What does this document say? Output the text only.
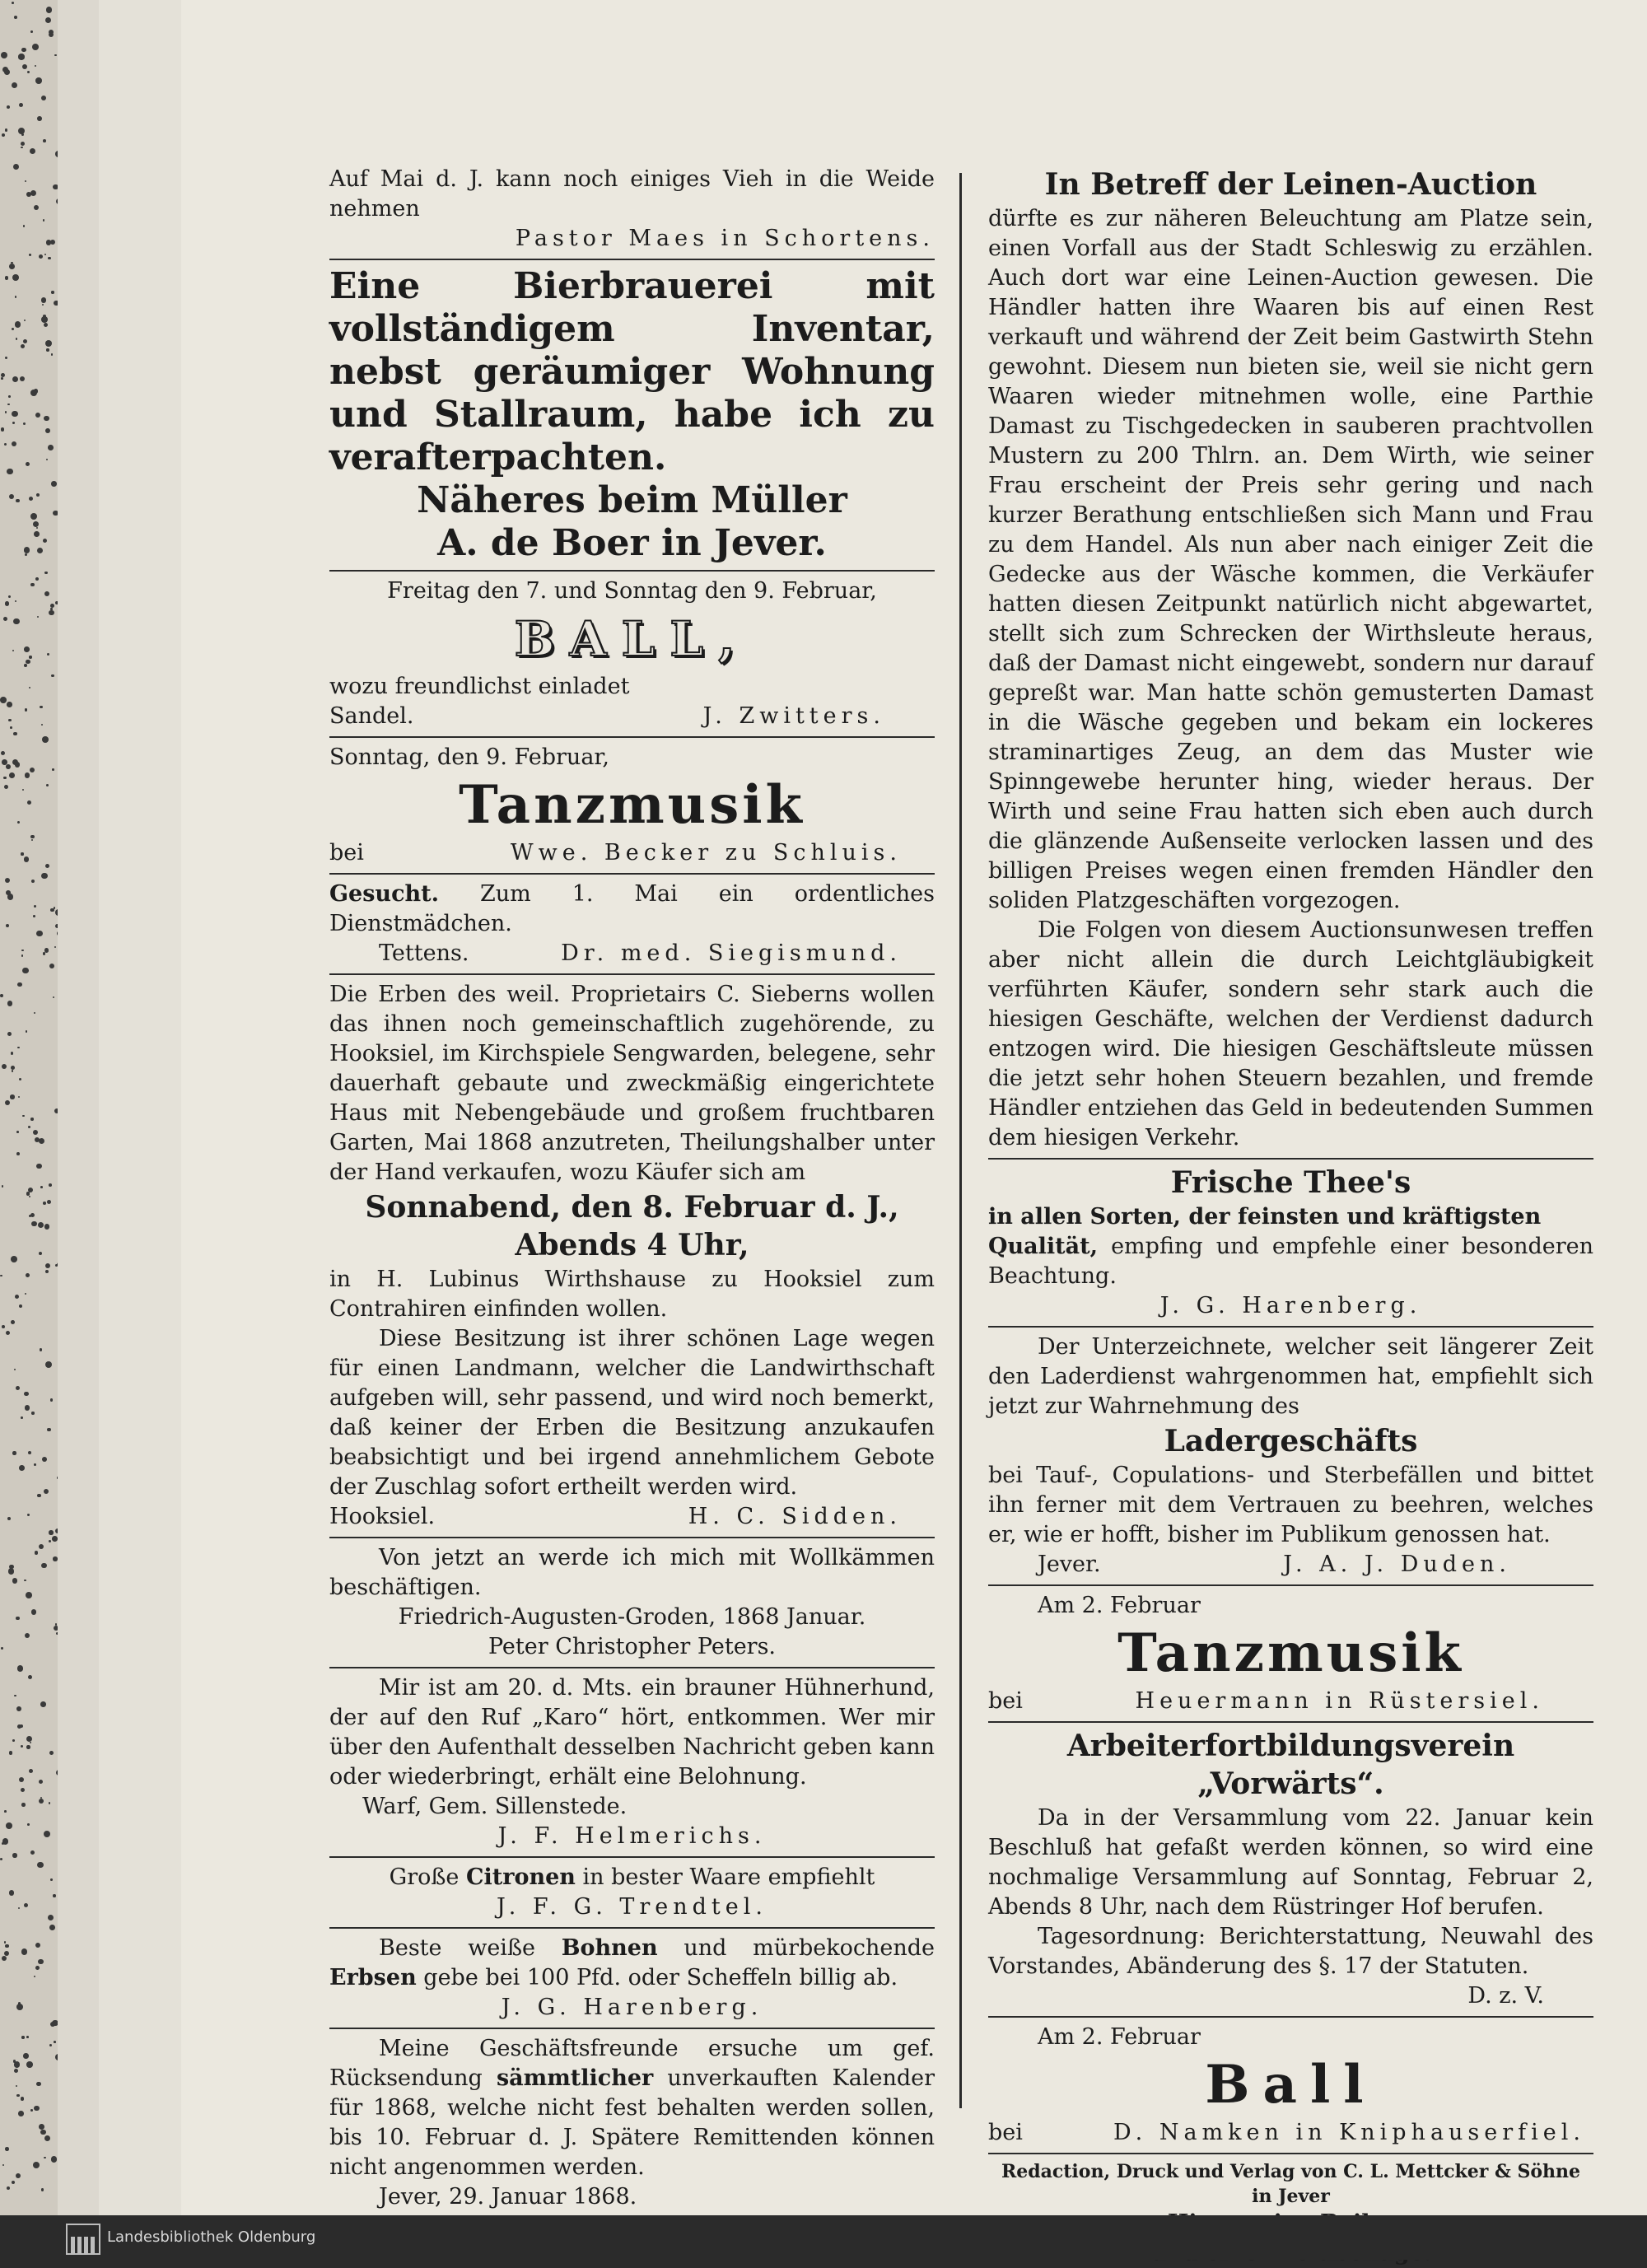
Auf Mai d. J. kann noch einiges Vieh in die Weide nehmen

Pastor Maes in Schortens.

Eine Bierbrauerei mit vollständigem Inventar, nebst geräumiger Wohnung und Stallraum, habe ich zu verafterpachten.

Näheres beim Müller

A. de Boer in Jever.

Freitag den 7. und Sonntag den 9. Februar,

BALL,

wozu freundlichst einladet

Sandel.	J. Zwitters.

Sonntag, den 9. Februar,

Tanzmusik
bei	Wwe. Becker zu Schluis.

Gesucht. Zum 1. Mai ein ordentliches Dienstmädchen.

Tettens.	Dr. med. Siegismund.

Die Erben des weil. Proprietairs C. Sieberns wollen das ihnen noch gemeinschaftlich zugehörende, zu Hooksiel, im Kirchspiele Sengwarden, belegene, sehr dauerhaft gebaute und zweckmäßig eingerichtete Haus mit Nebengebäude und großem fruchtbaren Garten, Mai 1868 anzutreten, Theilungshalber unter der Hand verkaufen, wozu Käufer sich am

Sonnabend, den 8. Februar d. J.,
Abends 4 Uhr,

in H. Lubinus Wirthshause zu Hooksiel zum Contrahiren einfinden wollen.

Diese Besitzung ist ihrer schönen Lage wegen für einen Landmann, welcher die Landwirthschaft aufgeben will, sehr passend, und wird noch bemerkt, daß keiner der Erben die Besitzung anzukaufen beabsichtigt und bei irgend annehmlichem Gebote der Zuschlag sofort ertheilt werden wird.

Hooksiel.	H. C. Sidden.

Von jetzt an werde ich mich mit Wollkämmen beschäftigen.

Friedrich-Augusten-Groden, 1868 Januar.

Peter Christopher Peters.

Mir ist am 20. d. Mts. ein brauner Hühnerhund, der auf den Ruf „Karo“ hört, entkommen. Wer mir über den Aufenthalt desselben Nachricht geben kann oder wiederbringt, erhält eine Belohnung.

Warf, Gem. Sillenstede.

J. F. Helmerichs.

Große Citronen in bester Waare empfiehlt

J. F. G. Trendtel.

Beste weiße Bohnen und mürbekochende Erbsen gebe bei 100 Pfd. oder Scheffeln billig ab.

J. G. Harenberg.

Meine Geschäftsfreunde ersuche um gef. Rücksendung sämmtlicher unverkauften Kalender für 1868, welche nicht fest behalten werden sollen, bis 10. Februar d. J. Spätere Remittenden können nicht angenommen werden.

Jever, 29. Januar 1868.

In Betreff der Leinen-Auction

dürfte es zur näheren Beleuchtung am Platze sein, einen Vorfall aus der Stadt Schleswig zu erzählen. Auch dort war eine Leinen-Auction gewesen. Die Händler hatten ihre Waaren bis auf einen Rest verkauft und während der Zeit beim Gastwirth Stehn gewohnt. Diesem nun bieten sie, weil sie nicht gern Waaren wieder mitnehmen wolle, eine Parthie Damast zu Tischgedecken in sauberen prachtvollen Mustern zu 200 Thlrn. an. Dem Wirth, wie seiner Frau erscheint der Preis sehr gering und nach kurzer Berathung entschließen sich Mann und Frau zu dem Handel. Als nun aber nach einiger Zeit die Gedecke aus der Wäsche kommen, die Verkäufer hatten diesen Zeitpunkt natürlich nicht abgewartet, stellt sich zum Schrecken der Wirthsleute heraus, daß der Damast nicht eingewebt, sondern nur darauf gepreßt war. Man hatte schön gemusterten Damast in die Wäsche gegeben und bekam ein lockeres straminartiges Zeug, an dem das Muster wie Spinngewebe herunter hing, wieder heraus. Der Wirth und seine Frau hatten sich eben auch durch die glänzende Außenseite verlocken lassen und des billigen Preises wegen einen fremden Händler den soliden Platzgeschäften vorgezogen.

Die Folgen von diesem Auctionsunwesen treffen aber nicht allein die durch Leichtgläubigkeit verführten Käufer, sondern sehr stark auch die hiesigen Geschäfte, welchen der Verdienst dadurch entzogen wird. Die hiesigen Geschäftsleute müssen die jetzt sehr hohen Steuern bezahlen, und fremde Händler entziehen das Geld in bedeutenden Summen dem hiesigen Verkehr.

Frische Thee's

in allen Sorten, der feinsten und kräftigsten

Qualität, empfing und empfehle einer besonderen Beachtung.

J. G. Harenberg.

Der Unterzeichnete, welcher seit längerer Zeit den Laderdienst wahrgenommen hat, empfiehlt sich jetzt zur Wahrnehmung des

Ladergeschäfts

bei Tauf-, Copulations- und Sterbefällen und bittet ihn ferner mit dem Vertrauen zu beehren, welches er, wie er hofft, bisher im Publikum genossen hat.

Jever.	J. A. J. Duden.

Am 2. Februar

Tanzmusik
bei	Heuermann in Rüstersiel.
Arbeiterfortbildungsverein
„Vorwärts“.

Da in der Versammlung vom 22. Januar kein Beschluß hat gefaßt werden können, so wird eine nochmalige Versammlung auf Sonntag, Februar 2, Abends 8 Uhr, nach dem Rüstringer Hof berufen.

Tagesordnung: Berichterstattung, Neuwahl des Vorstandes, Abänderung des §. 17 der Statuten.

D. z. V.

Am 2. Februar

Ball
bei	D. Namken in Kniphauserfiel.

Redaction, Druck und Verlag von C. L. Mettcker & Söhne in Jever

Landesbibliothek Oldenburg
